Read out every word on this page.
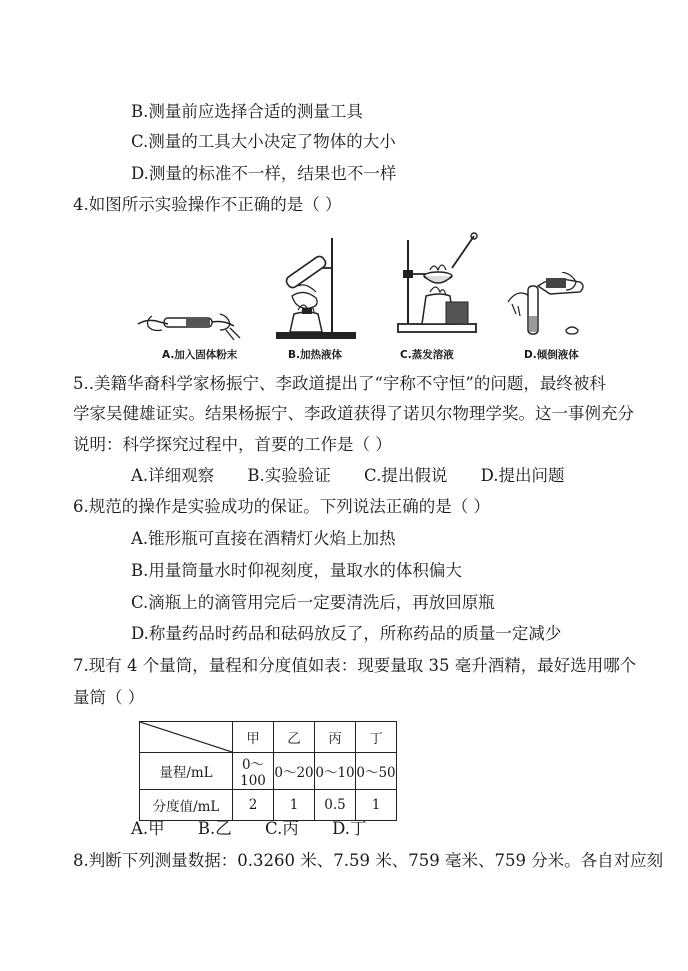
B.测量前应选择合适的测量工具
C.测量的工具大小决定了物体的大小
D.测量的标准不一样，结果也不一样
4.如图所示实验操作不正确的是（ ）
A.加入固体粉末	B.加热液体	C.蒸发溶液	D.倾倒液体
5..美籍华裔科学家杨振宁、李政道提出了“宇称不守恒”的问题，最终被科
学家吴健雄证实。结果杨振宁、李政道获得了诺贝尔物理学奖。这一事例充分
说明：科学探究过程中，首要的工作是（ ）
A.详细观察 B.实验验证 C.提出假说 D.提出问题
6.规范的操作是实验成功的保证。下列说法正确的是（ ）
A.锥形瓶可直接在酒精灯火焰上加热
B.用量筒量水时仰视刻度，量取水的体积偏大
C.滴瓶上的滴管用完后一定要清洗后，再放回原瓶
D.称量药品时药品和砝码放反了，所称药品的质量一定减少
7.现有 4 个量筒，量程和分度值如表：现要量取 35 毫升酒精，最好选用哪个
量筒（ ）
	甲	乙	丙	丁
量程/mL	0～100	0～20	0～10	0～50
分度值/mL	2	1	0.5	1
A.甲 B.乙 C.丙 D.丁
8.判断下列测量数据：0.3260 米、7.59 米、759 毫米、759 分米。各自对应刻
